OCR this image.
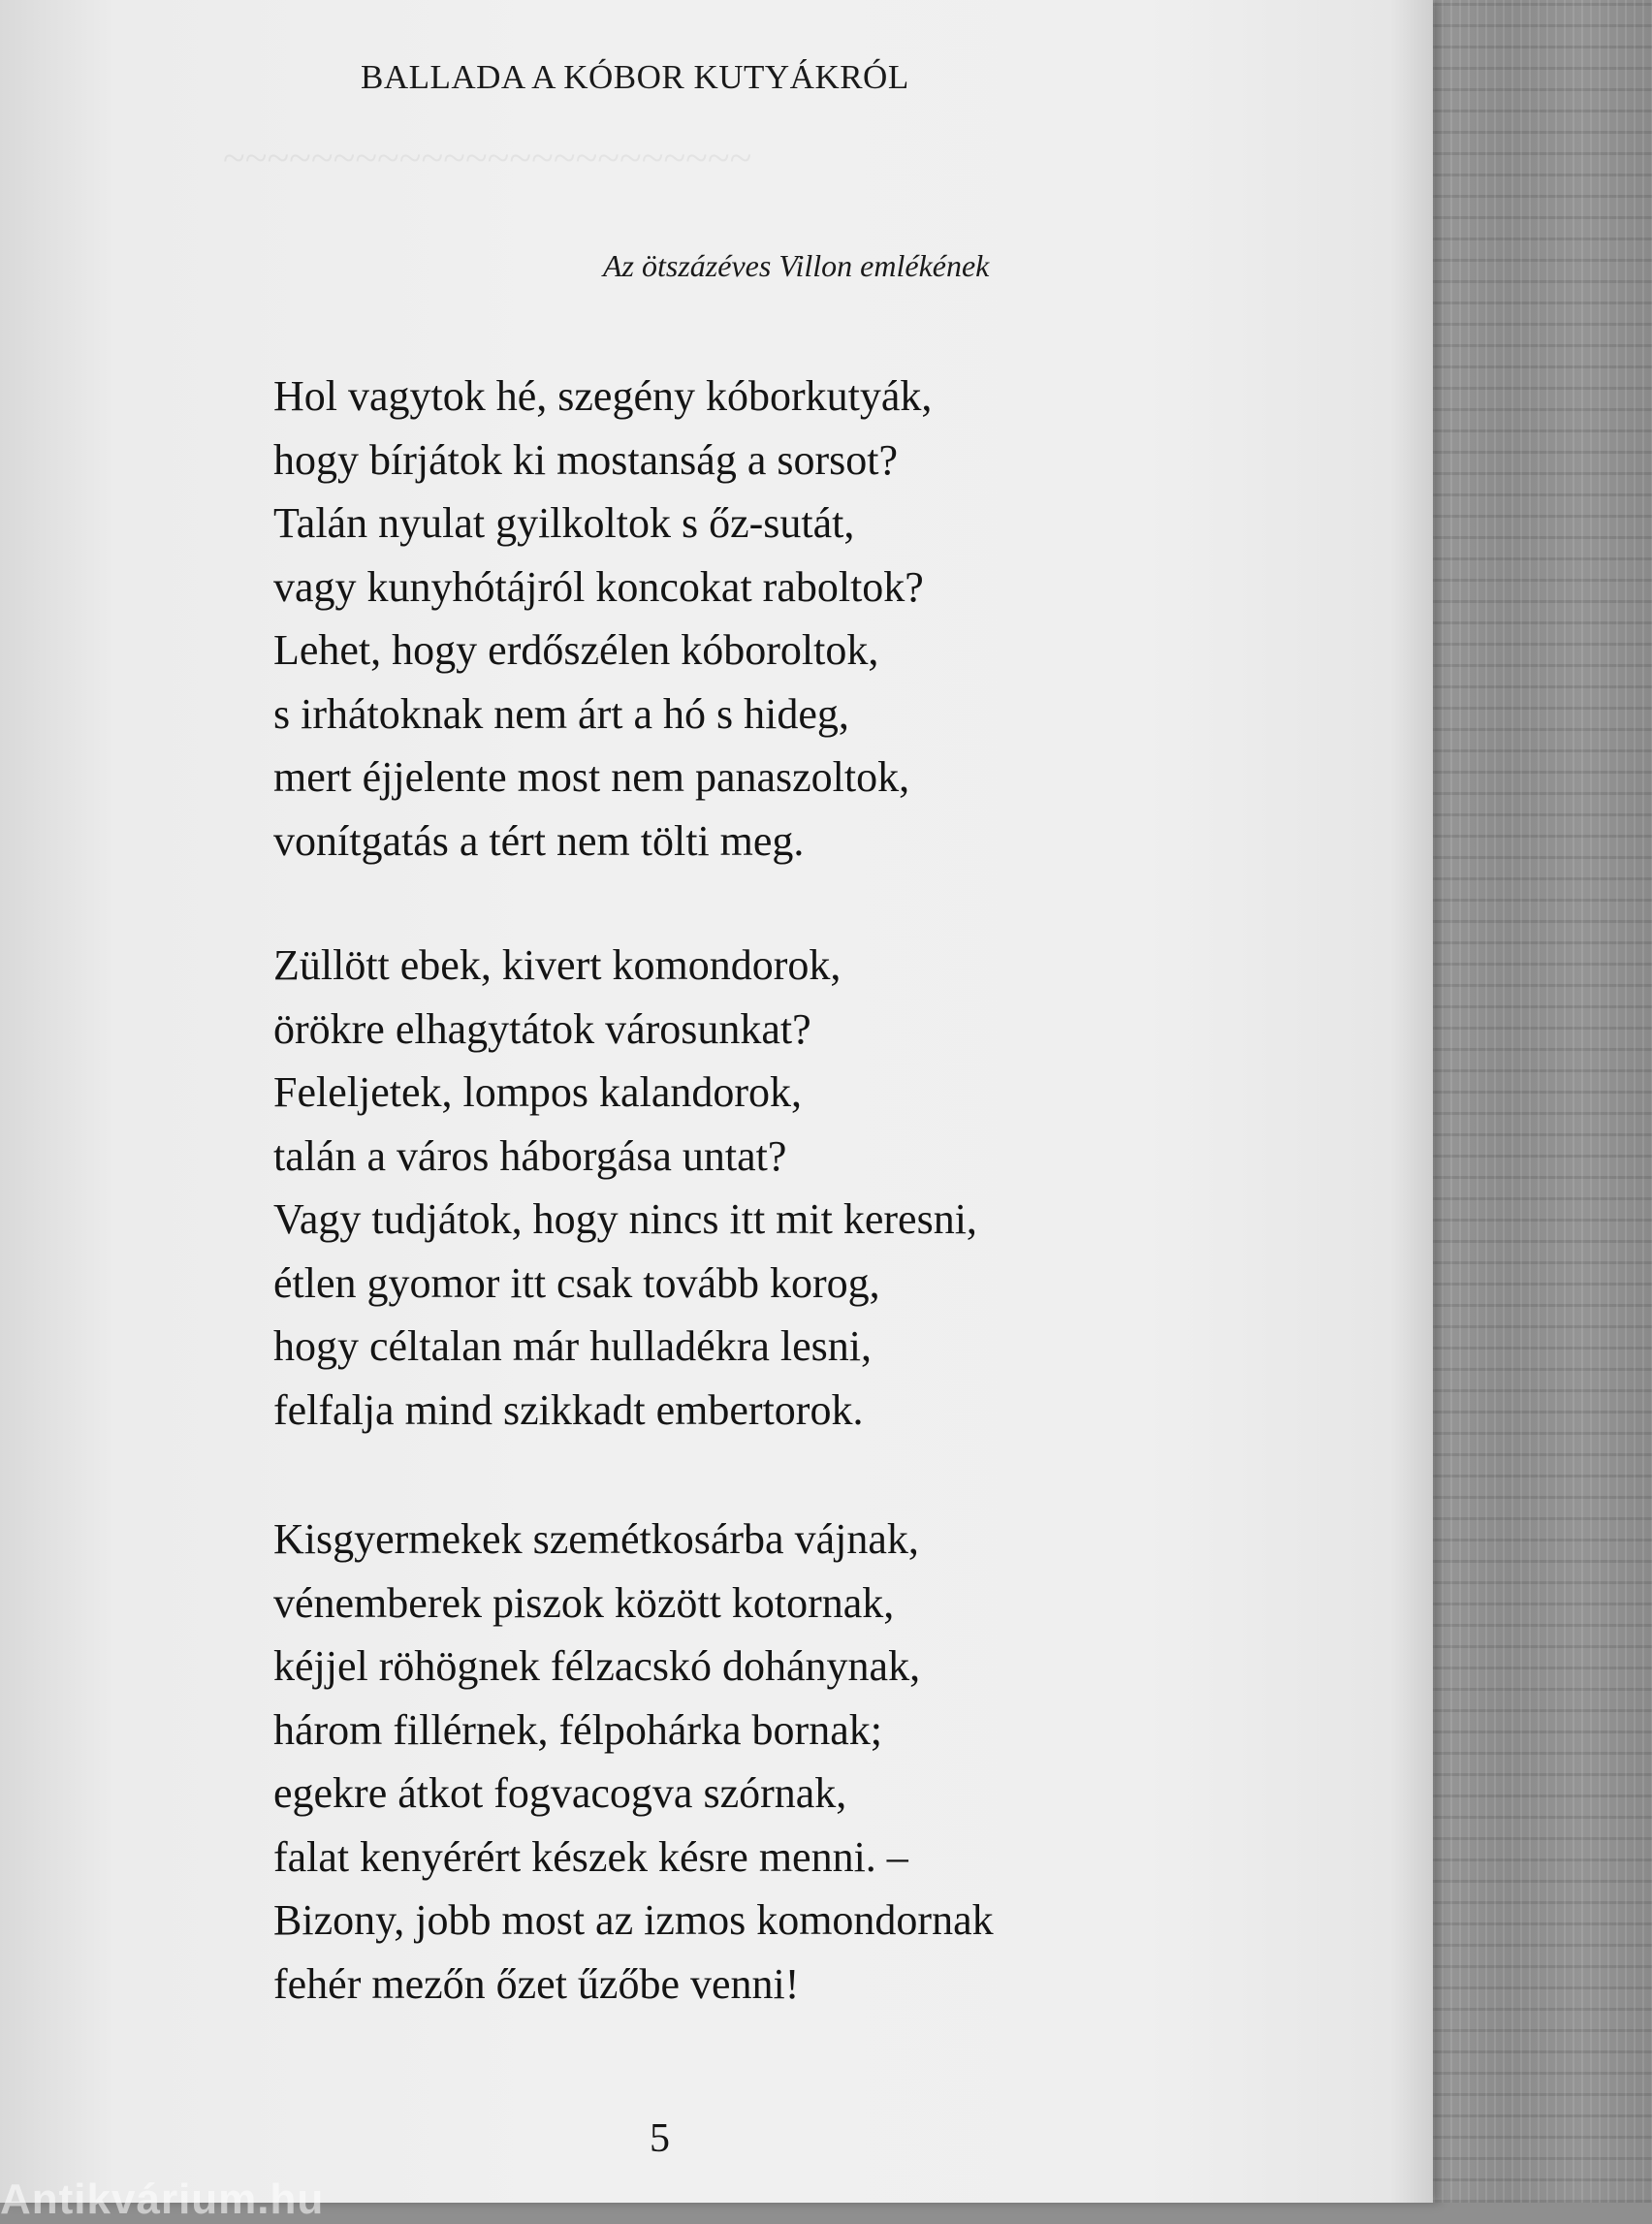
~~~~~~~~~~~~~~~~~~~~~~~~
BALLADA A KÓBOR KUTYÁKRÓL
Az ötszázéves Villon emlékének
Hol vagytok hé, szegény kóborkutyák,
hogy bírjátok ki mostanság a sorsot?
Talán nyulat gyilkoltok s őz-sutát,
vagy kunyhótájról koncokat raboltok?
Lehet, hogy erdőszélen kóboroltok,
s irhátoknak nem árt a hó s hideg,
mert éjjelente most nem panaszoltok,
vonítgatás a tért nem tölti meg.
Züllött ebek, kivert komondorok,
örökre elhagytátok városunkat?
Feleljetek, lompos kalandorok,
talán a város háborgása untat?
Vagy tudjátok, hogy nincs itt mit keresni,
étlen gyomor itt csak tovább korog,
hogy céltalan már hulladékra lesni,
felfalja mind szikkadt embertorok.
Kisgyermekek szemétkosárba vájnak,
vénemberek piszok között kotornak,
kéjjel röhögnek félzacskó dohánynak,
három fillérnek, félpohárka bornak;
egekre átkot fogvacogva szórnak,
falat kenyérért készek késre menni. –
Bizony, jobb most az izmos komondornak
fehér mezőn őzet űzőbe venni!
5
Antikvárium.hu
